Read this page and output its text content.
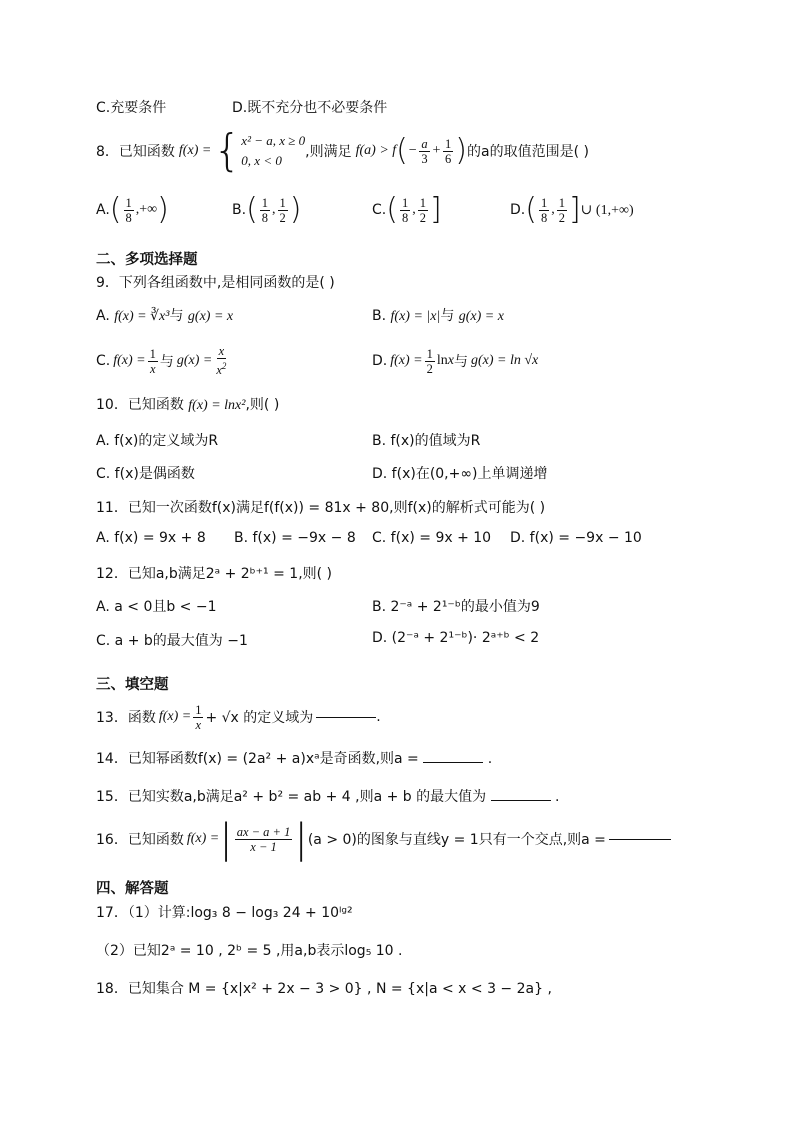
C.充要条件	D.既不充分也不必要条件
8． 已知函数 f(x) = { x² − a, x ≥ 0
0, x < 0
,则满足 f(a) > f ( − $\frac{a}{3} + \frac{1}{6}$ ) 的a的取值范围是( )
A. ( $\frac{1}{8}$ ,+∞ )	B. ( $\frac{1}{8}$ , $\frac{1}{2}$ )	C. ( $\frac{1}{8}$ , $\frac{1}{2}$ ]	D. ( $\frac{1}{8}$ , $\frac{1}{2}$ ] ∪ (1,+∞)
二、多项选择题
9．下列各组函数中,是相同函数的是( )
A. f(x) = ∛x³与 g(x) = x	B. f(x) = |x|与 g(x) = x
C. $f(x) = \frac{1}{x}$ 与 $g(x) = \frac{x}{x^2}$	D. $f(x) = \frac{1}{2}$ ln x 与 g(x) = ln √x
10．已知函数 f(x) = lnx²,则( )
A. f(x)的定义域为R	B. f(x)的值域为R
C. f(x)是偶函数	D. f(x)在(0,+∞)上单调递增
11．已知一次函数f(x)满足f(f(x)) = 81x + 80,则f(x)的解析式可能为( )
A. f(x) = 9x + 8 B. f(x) = −9x − 8 C. f(x) = 9x + 10 D. f(x) = −9x − 10
12．已知a,b满足2ᵃ + 2ᵇ⁺¹ = 1,则( )
A. a < 0且b < −1	B. 2⁻ᵃ + 2¹⁻ᵇ的最小值为9
C. a + b的最大值为 −1	D. (2⁻ᵃ + 2¹⁻ᵇ)· 2ᵃ⁺ᵇ < 2
三、填空题
13．函数 $f(x) = \frac{1}{x} + √x$ 的定义域为	.
14．已知幂函数f(x) = (2a² + a)xᵃ是奇函数,则a =	.
15．已知实数a,b满足a² + b² = ab + 4 ,则a + b 的最大值为	.
16．已知函数 f(x) = | $\frac{ax - a + 1}{x - 1}$ | (a > 0)的图象与直线y = 1只有一个交点,则a =
四、解答题
17．（1）计算:log₃ 8 − log₃ 24 + 10ˡᵍ²
（2）已知2ᵃ = 10 , 2ᵇ = 5 ,用a,b表示log₅ 10 .
18．已知集合 M = {x|x² + 2x − 3 > 0} , N = {x|a < x < 3 − 2a} ,
